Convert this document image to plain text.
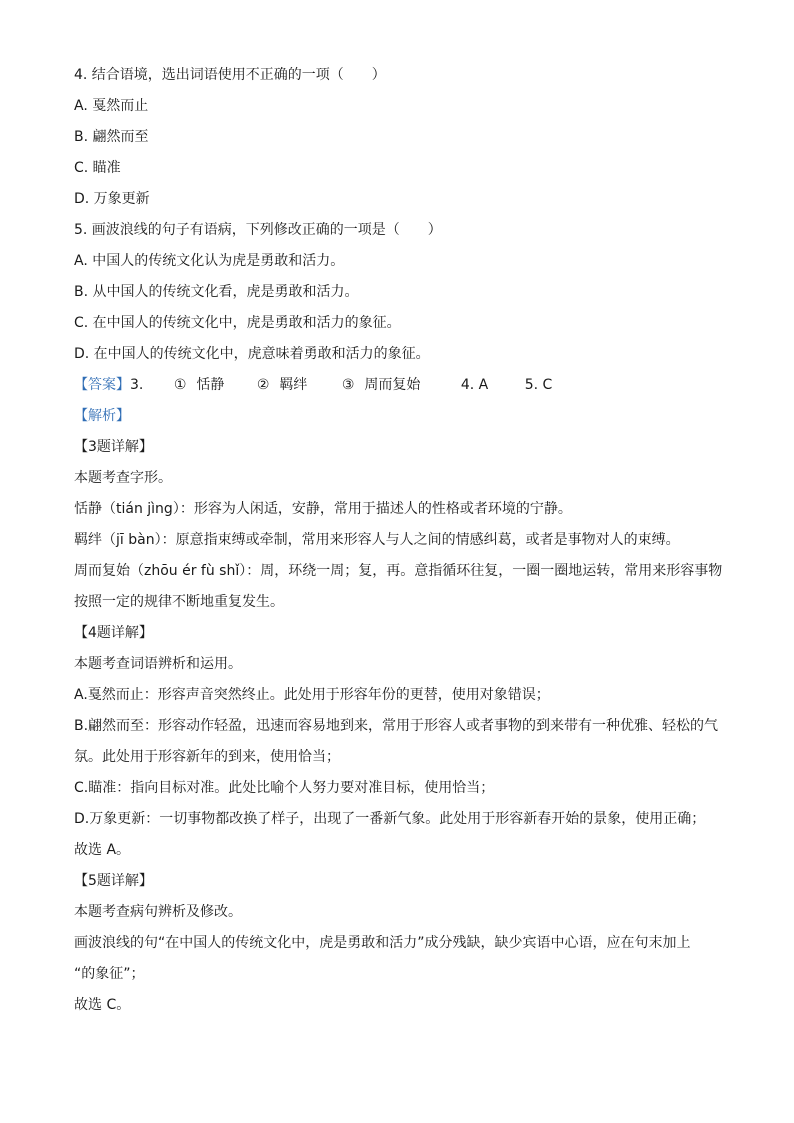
4. 结合语境，选出词语使用不正确的一项（　　）
A. 戛然而止
B. 翩然而至
C. 瞄准
D. 万象更新
5. 画波浪线的句子有语病，下列修改正确的一项是（　　）
A. 中国人的传统文化认为虎是勇敢和活力。
B. 从中国人的传统文化看，虎是勇敢和活力。
C. 在中国人的传统文化中，虎是勇敢和活力的象征。
D. 在中国人的传统文化中，虎意味着勇敢和活力的象征。
【答案】3. ① 恬静 ② 羁绊 ③ 周而复始	4. A	5. C
【解析】
【3题详解】
本题考查字形。
恬静（tián jìng）：形容为人闲适，安静，常用于描述人的性格或者环境的宁静。
羁绊（jī bàn）：原意指束缚或牵制，常用来形容人与人之间的情感纠葛，或者是事物对人的束缚。
周而复始（zhōu ér fù shǐ）：周，环绕一周；复，再。意指循环往复，一圈一圈地运转，常用来形容事物
按照一定的规律不断地重复发生。
【4题详解】
本题考查词语辨析和运用。
A.戛然而止：形容声音突然终止。此处用于形容年份的更替，使用对象错误；
B.翩然而至：形容动作轻盈，迅速而容易地到来，常用于形容人或者事物的到来带有一种优雅、轻松的气
氛。此处用于形容新年的到来，使用恰当；
C.瞄准：指向目标对准。此处比喻个人努力要对准目标，使用恰当；
D.万象更新：一切事物都改换了样子，出现了一番新气象。此处用于形容新春开始的景象，使用正确；
故选 A。
【5题详解】
本题考查病句辨析及修改。
画波浪线的句“在中国人的传统文化中，虎是勇敢和活力”成分残缺，缺少宾语中心语，应在句末加上
“的象征”；
故选 C。
